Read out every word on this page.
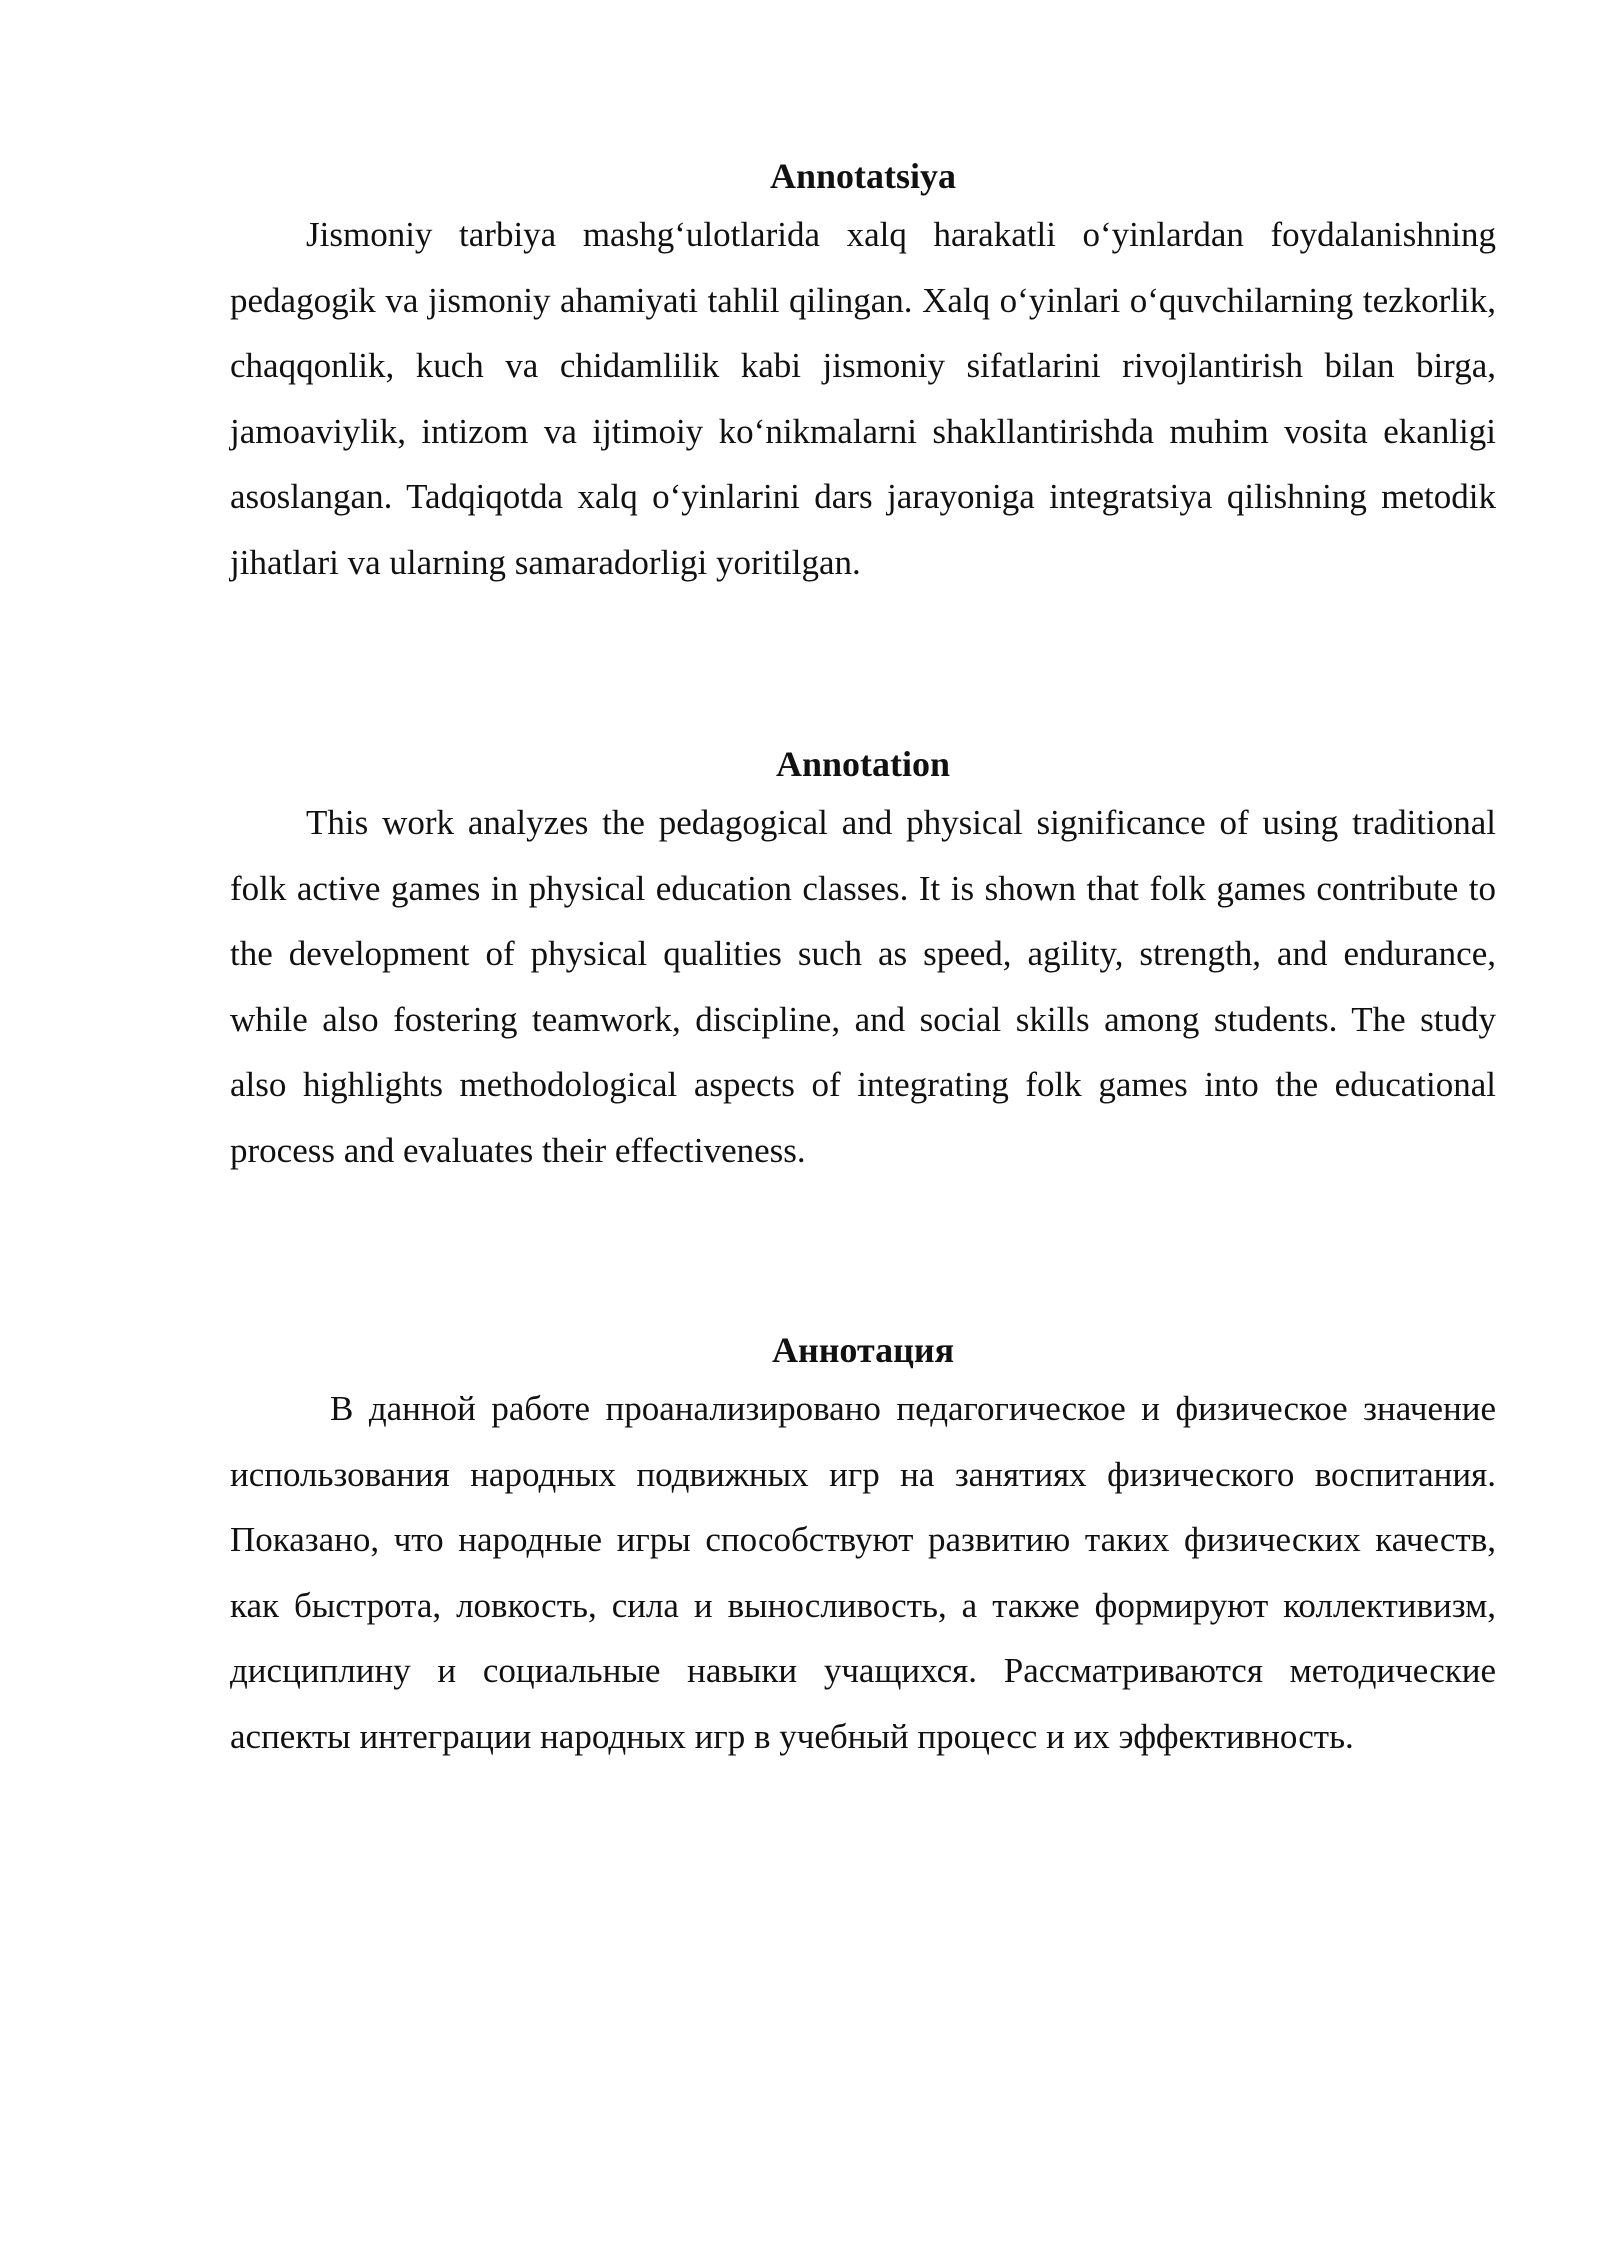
Annotatsiya

Jismoniy tarbiya mashg‘ulotlarida xalq harakatli o‘yinlardan foydalanishning pedagogik va jismoniy ahamiyati tahlil qilingan. Xalq o‘yinlari o‘quvchilarning tezkorlik, chaqqonlik, kuch va chidamlilik kabi jismoniy sifatlarini rivojlantirish bilan birga, jamoaviylik, intizom va ijtimoiy ko‘nikmalarni shakllantirishda muhim vosita ekanligi asoslangan. Tadqiqotda xalq o‘yinlarini dars jarayoniga integratsiya qilishning metodik jihatlari va ularning samaradorligi yoritilgan.

Annotation

This work analyzes the pedagogical and physical significance of using traditional folk active games in physical education classes. It is shown that folk games contribute to the development of physical qualities such as speed, agility, strength, and endurance, while also fostering teamwork, discipline, and social skills among students. The study also highlights methodological aspects of integrating folk games into the educational process and evaluates their effectiveness.

Аннотация

В данной работе проанализировано педагогическое и физическое значение использования народных подвижных игр на занятиях физического воспитания. Показано, что народные игры способствуют развитию таких физических качеств, как быстрота, ловкость, сила и выносливость, а также формируют коллективизм, дисциплину и социальные навыки учащихся. Рассматриваются методические аспекты интеграции народных игр в учебный процесс и их эффективность.
